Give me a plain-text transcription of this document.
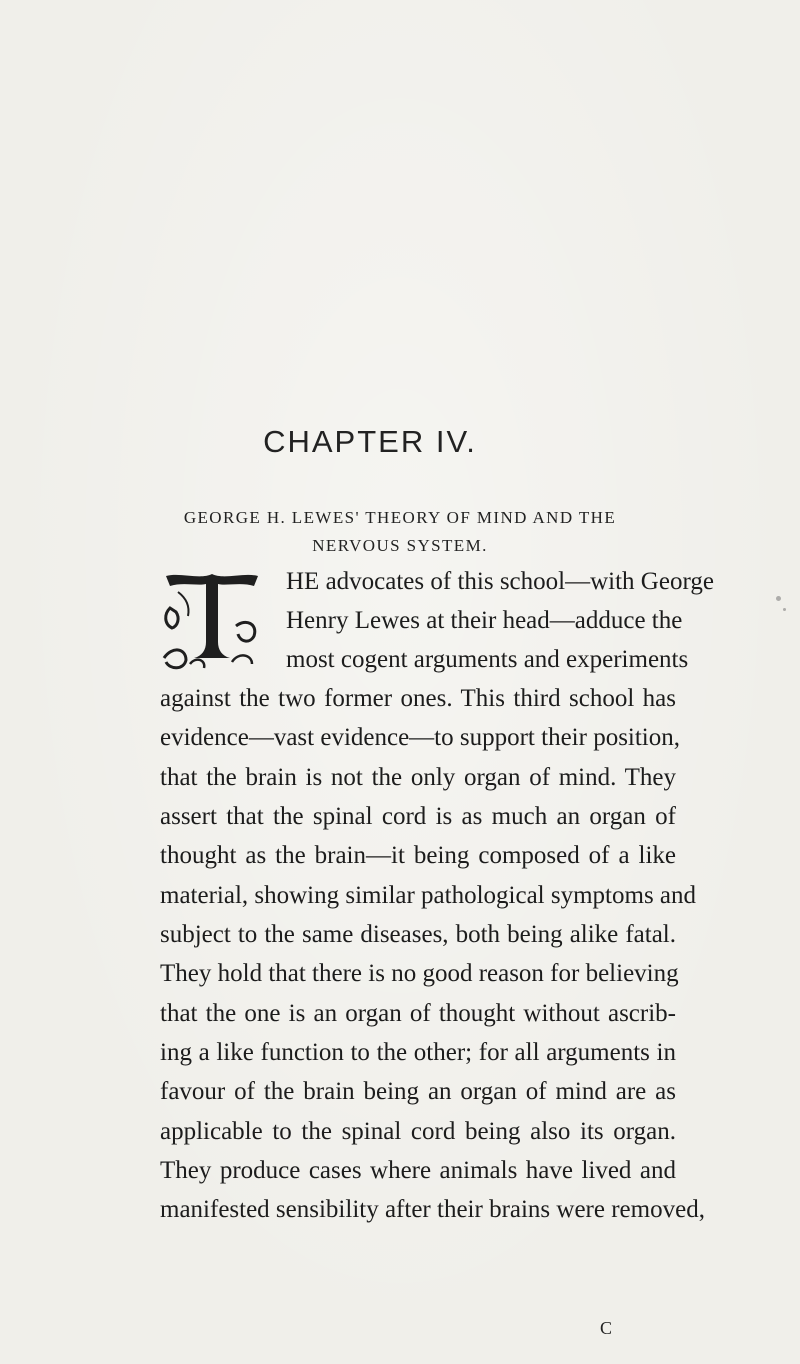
CHAPTER IV.
GEORGE H. LEWES' THEORY OF MIND AND THE
NERVOUS SYSTEM.
HE advocates of this school—with George
Henry Lewes at their head—adduce the
most cogent arguments and experiments
against the two former ones. This third school has
evidence—vast evidence—to support their position,
that the brain is not the only organ of mind. They
assert that the spinal cord is as much an organ of
thought as the brain—it being composed of a like
material, showing similar pathological symptoms and
subject to the same diseases, both being alike fatal.
They hold that there is no good reason for believing
that the one is an organ of thought without ascrib-
ing a like function to the other; for all arguments in
favour of the brain being an organ of mind are as
applicable to the spinal cord being also its organ.
They produce cases where animals have lived and
manifested sensibility after their brains were removed,
C
